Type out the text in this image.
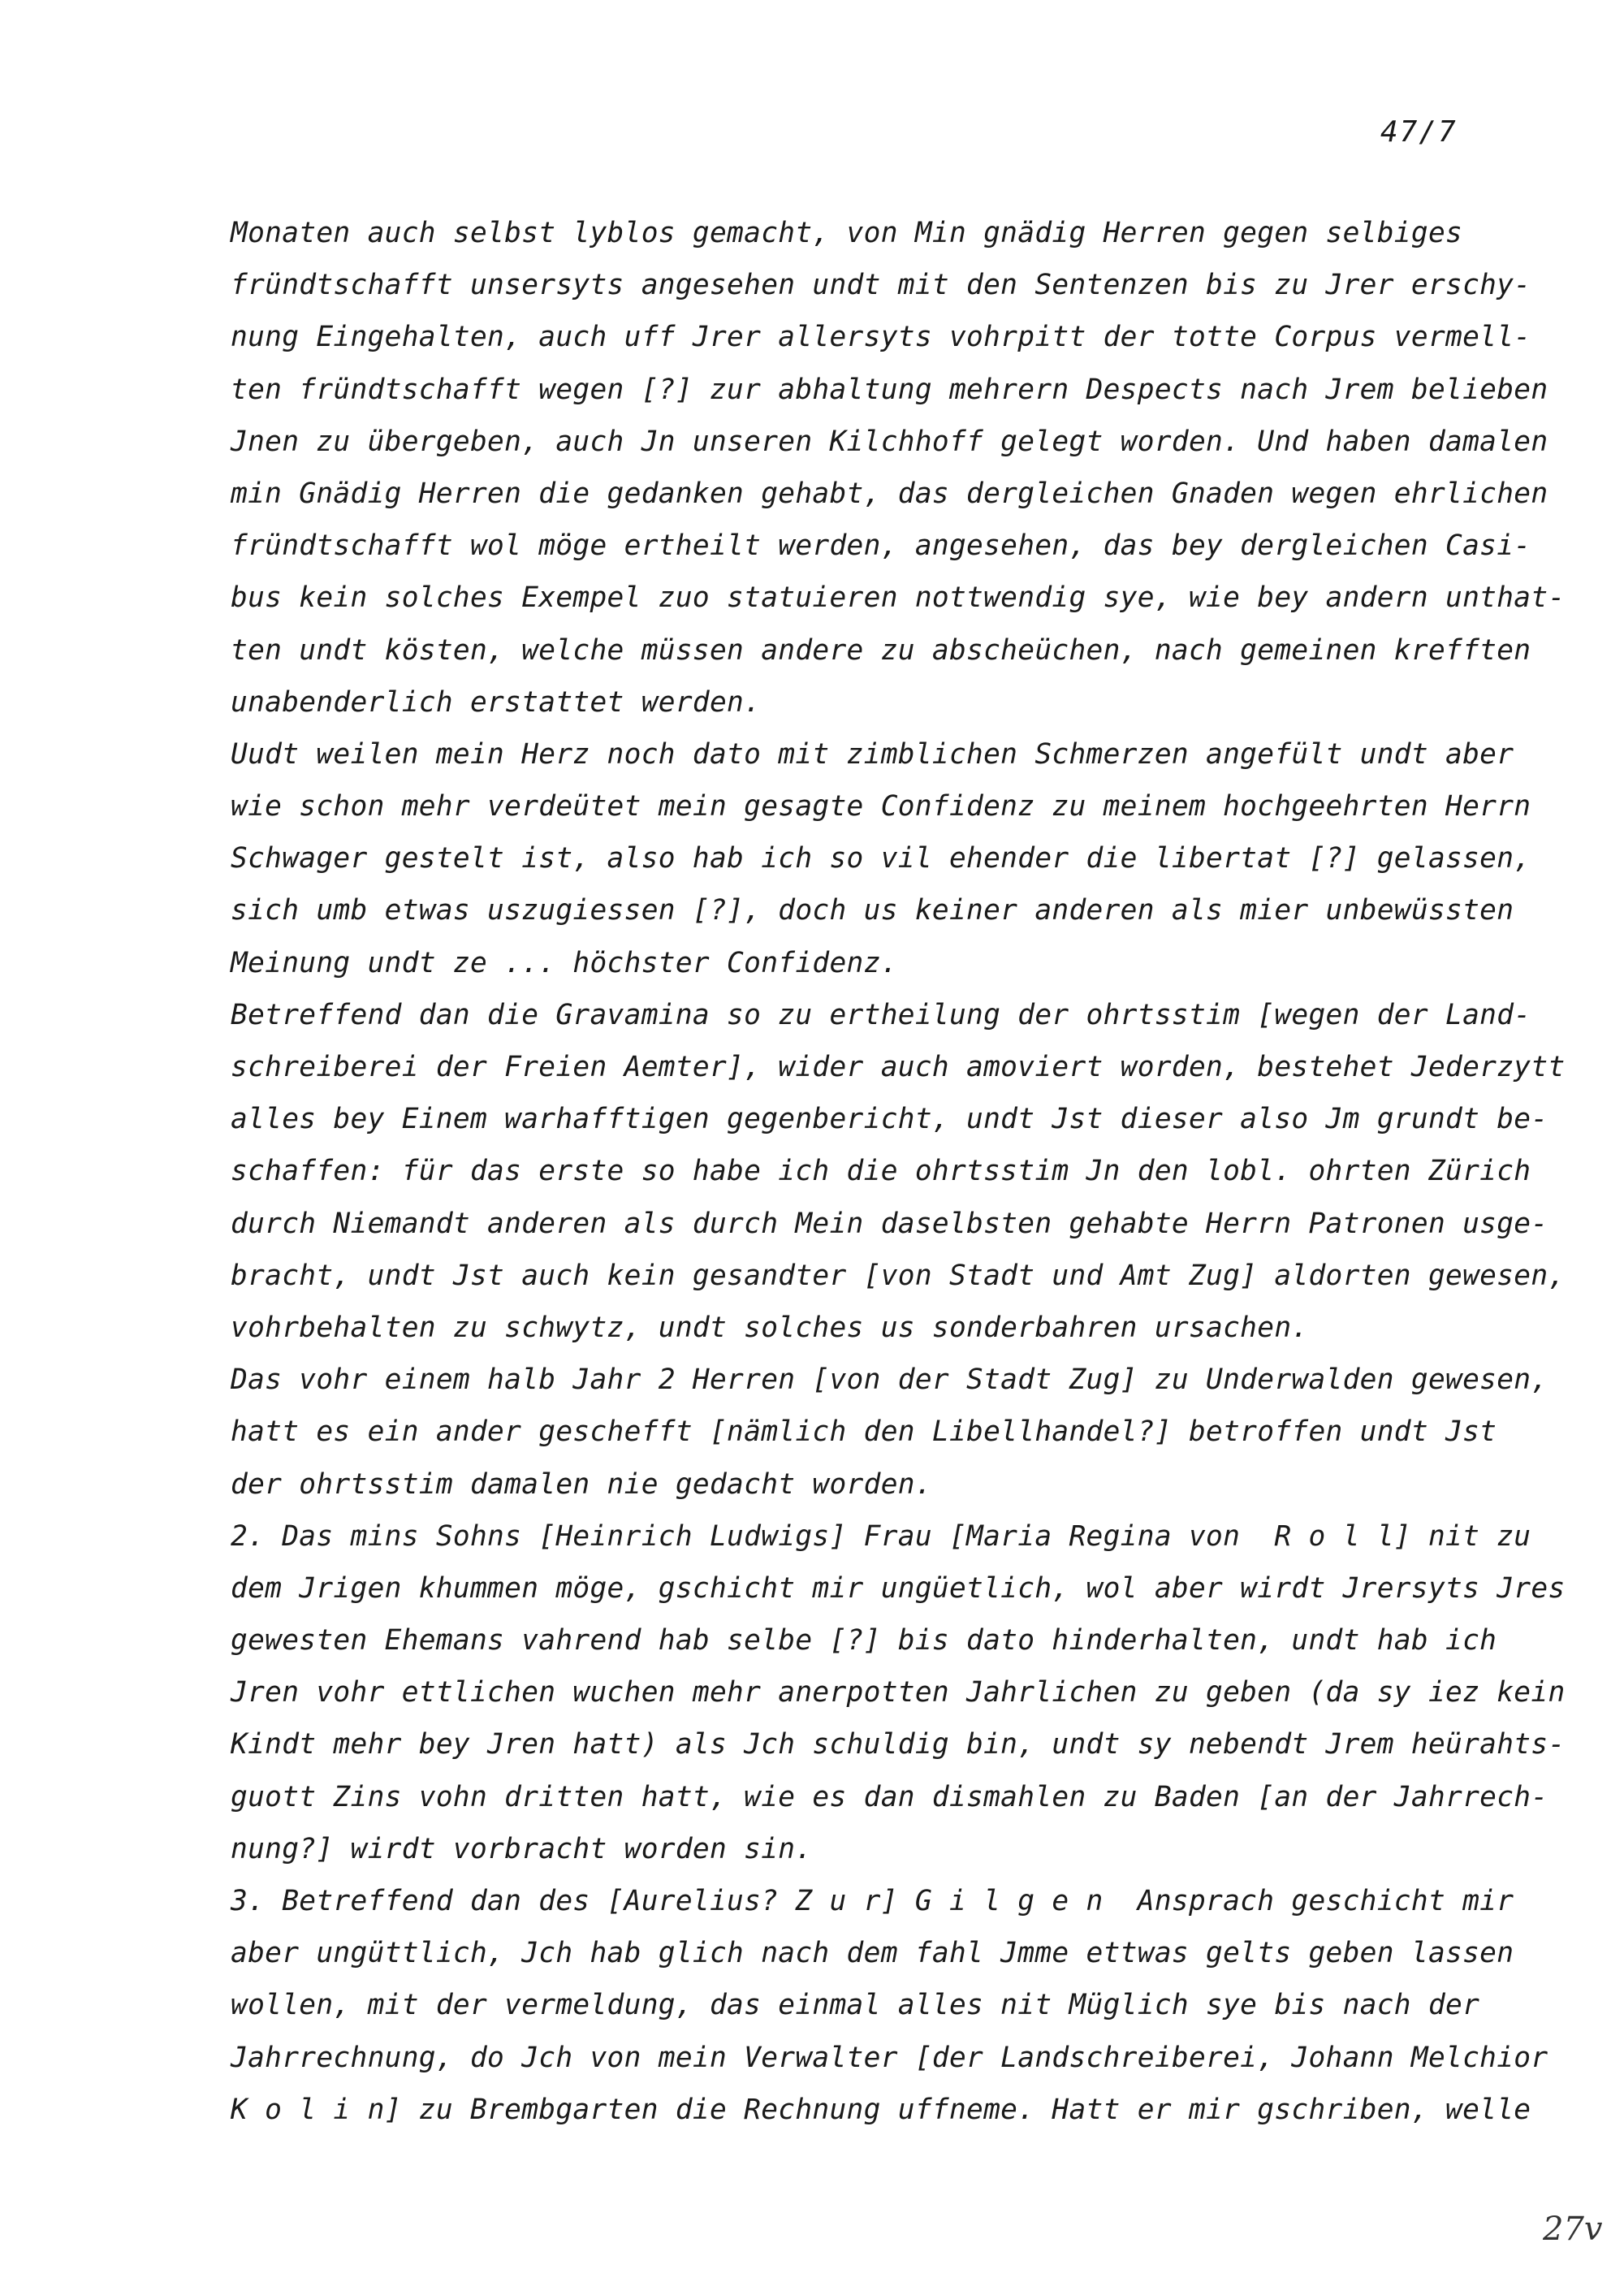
47/7
Monaten auch selbst lyblos gemacht, von Min gnädig Herren gegen selbiges
fründtschafft unsersyts angesehen undt mit den Sentenzen bis zu Jrer erschy-
nung Eingehalten, auch uff Jrer allersyts vohrpitt der totte Corpus vermell-
ten fründtschafft wegen [?] zur abhaltung mehrern Despects nach Jrem belieben
Jnen zu übergeben, auch Jn unseren Kilchhoff gelegt worden. Und haben damalen
min Gnädig Herren die gedanken gehabt, das dergleichen Gnaden wegen ehrlichen
fründtschafft wol möge ertheilt werden, angesehen, das bey dergleichen Casi-
bus kein solches Exempel zuo statuieren nottwendig sye, wie bey andern unthat-
ten undt kösten, welche müssen andere zu abscheüchen, nach gemeinen krefften
unabenderlich erstattet werden.
Uudt weilen mein Herz noch dato mit zimblichen Schmerzen angefült undt aber
wie schon mehr verdeütet mein gesagte Confidenz zu meinem hochgeehrten Herrn
Schwager gestelt ist, also hab ich so vil ehender die libertat [?] gelassen,
sich umb etwas uszugiessen [?], doch us keiner anderen als mier unbewüssten
Meinung undt ze ... höchster Confidenz.
Betreffend dan die Gravamina so zu ertheilung der ohrtsstim [wegen der Land-
schreiberei der Freien Aemter], wider auch amoviert worden, bestehet Jederzytt
alles bey Einem warhafftigen gegenbericht, undt Jst dieser also Jm grundt be-
schaffen: für das erste so habe ich die ohrtsstim Jn den lobl. ohrten Zürich
durch Niemandt anderen als durch Mein daselbsten gehabte Herrn Patronen usge-
bracht, undt Jst auch kein gesandter [von Stadt und Amt Zug] aldorten gewesen,
vohrbehalten zu schwytz, undt solches us sonderbahren ursachen.
Das vohr einem halb Jahr 2 Herren [von der Stadt Zug] zu Underwalden gewesen,
hatt es ein ander geschefft [nämlich den Libellhandel?] betroffen undt Jst
der ohrtsstim damalen nie gedacht worden.
2. Das mins Sohns [Heinrich Ludwigs] Frau [Maria Regina von  R o l l] nit zu
dem Jrigen khummen möge, gschicht mir ungüetlich, wol aber wirdt Jrersyts Jres
gewesten Ehemans vahrend hab selbe [?] bis dato hinderhalten, undt hab ich
Jren vohr ettlichen wuchen mehr anerpotten Jahrlichen zu geben (da sy iez kein
Kindt mehr bey Jren hatt) als Jch schuldig bin, undt sy nebendt Jrem heürahts-
guott Zins vohn dritten hatt, wie es dan dismahlen zu Baden [an der Jahrrech-
nung?] wirdt vorbracht worden sin.
3. Betreffend dan des [Aurelius? Z u r] G i l g e n  Ansprach geschicht mir
aber ungüttlich, Jch hab glich nach dem fahl Jmme ettwas gelts geben lassen
wollen, mit der vermeldung, das einmal alles nit Müglich sye bis nach der
Jahrrechnung, do Jch von mein Verwalter [der Landschreiberei, Johann Melchior
K o l i n] zu Brembgarten die Rechnung uffneme. Hatt er mir gschriben, welle
27v
